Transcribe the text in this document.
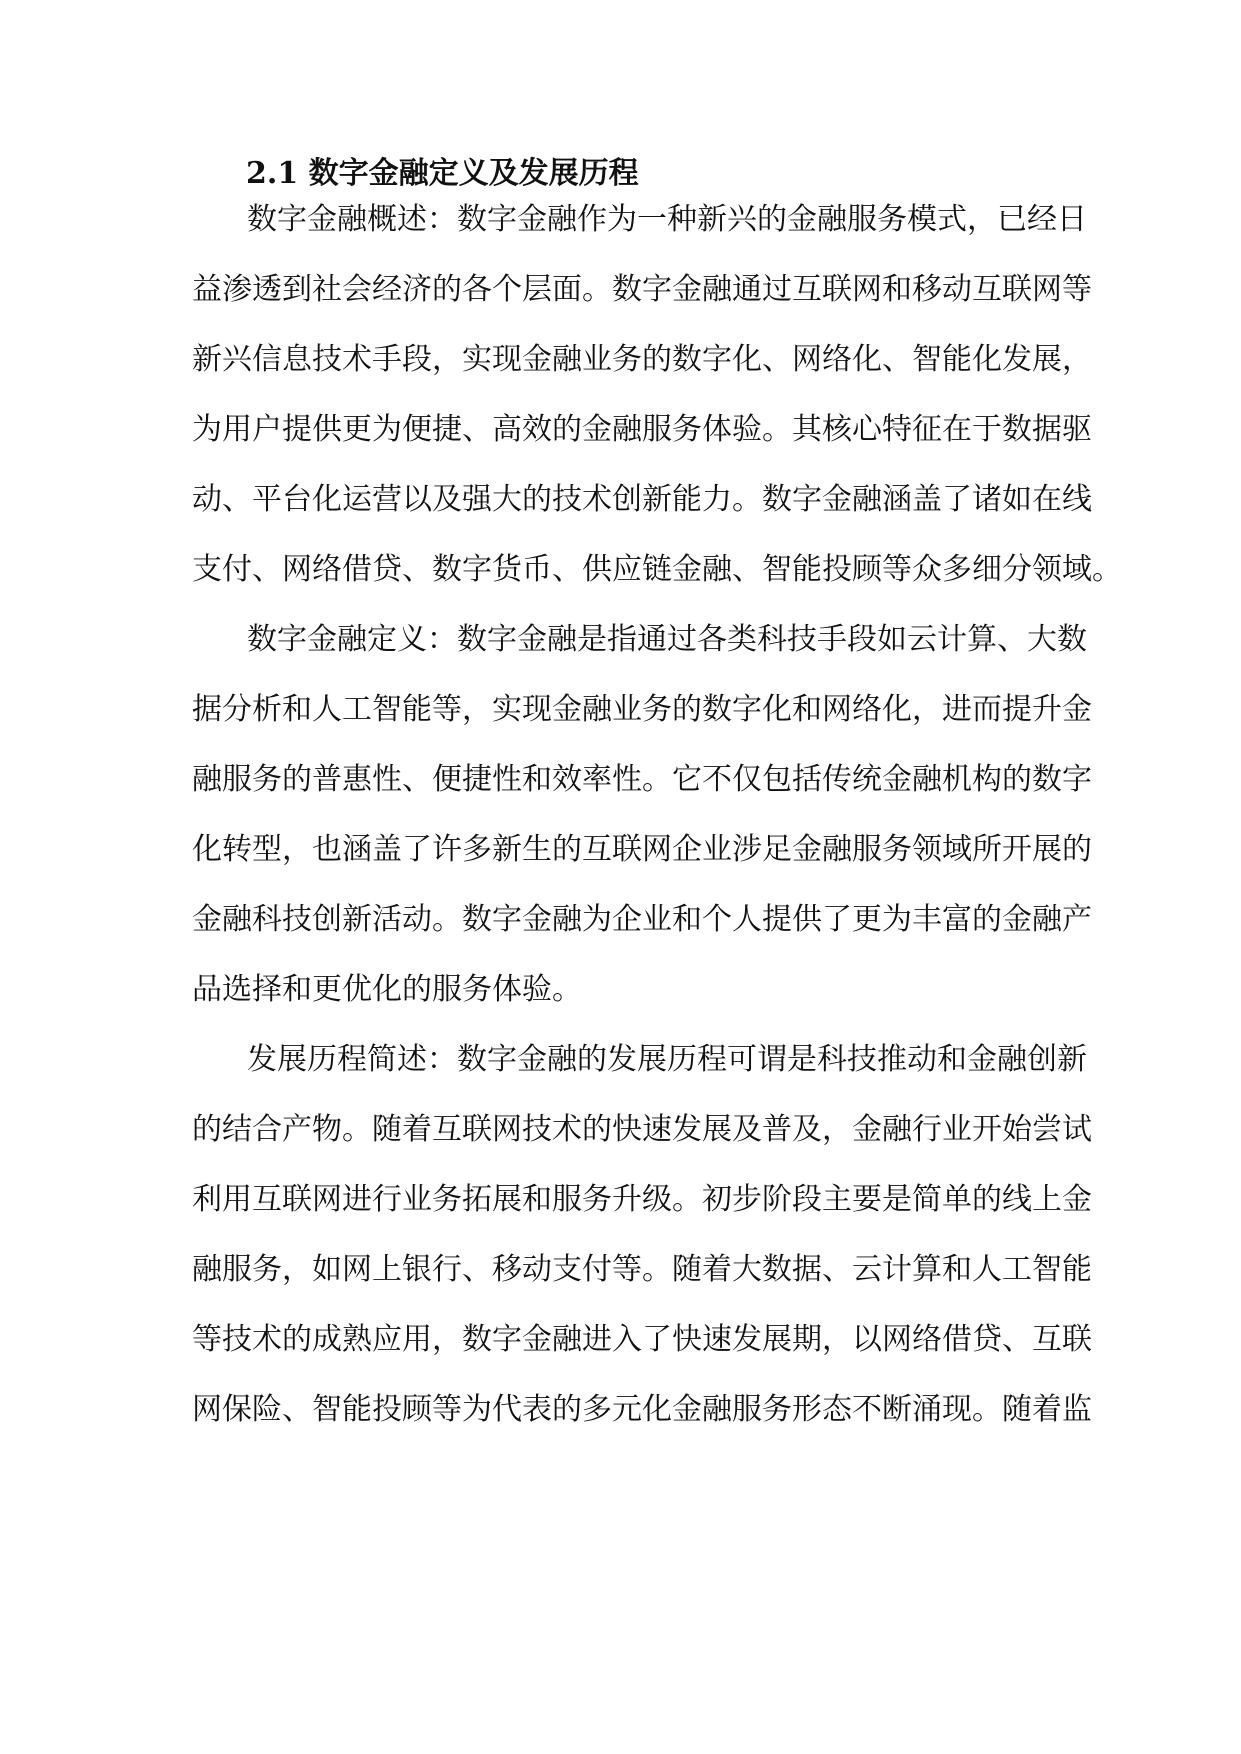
2.1 数字金融定义及发展历程
数字金融概述：数字金融作为一种新兴的金融服务模式，已经日
益渗透到社会经济的各个层面。数字金融通过互联网和移动互联网等
新兴信息技术手段，实现金融业务的数字化、网络化、智能化发展，
为用户提供更为便捷、高效的金融服务体验。其核心特征在于数据驱
动、平台化运营以及强大的技术创新能力。数字金融涵盖了诸如在线
支付、网络借贷、数字货币、供应链金融、智能投顾等众多细分领域。
数字金融定义：数字金融是指通过各类科技手段如云计算、大数
据分析和人工智能等，实现金融业务的数字化和网络化，进而提升金
融服务的普惠性、便捷性和效率性。它不仅包括传统金融机构的数字
化转型，也涵盖了许多新生的互联网企业涉足金融服务领域所开展的
金融科技创新活动。数字金融为企业和个人提供了更为丰富的金融产
品选择和更优化的服务体验。
发展历程简述：数字金融的发展历程可谓是科技推动和金融创新
的结合产物。随着互联网技术的快速发展及普及，金融行业开始尝试
利用互联网进行业务拓展和服务升级。初步阶段主要是简单的线上金
融服务，如网上银行、移动支付等。随着大数据、云计算和人工智能
等技术的成熟应用，数字金融进入了快速发展期，以网络借贷、互联
网保险、智能投顾等为代表的多元化金融服务形态不断涌现。随着监
